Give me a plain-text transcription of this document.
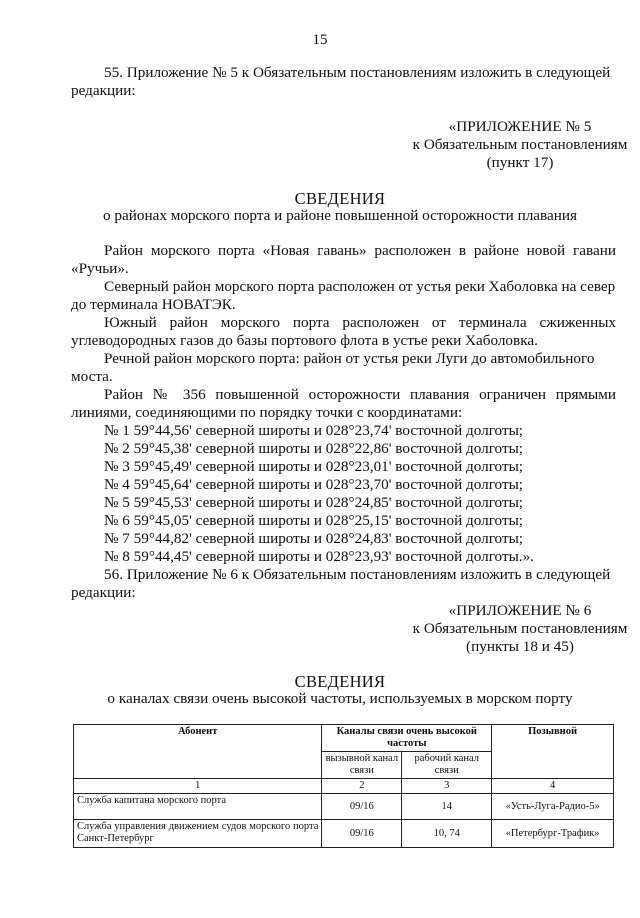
15
55. Приложение № 5 к Обязательным постановлениям изложить в следующей
редакции:
«ПРИЛОЖЕНИЕ № 5
к Обязательным постановлениям
(пункт 17)
СВЕДЕНИЯ
о районах морского порта и районе повышенной осторожности плавания
Район морского порта «Новая гавань» расположен в районе новой гавани
«Ручьи».
Северный район морского порта расположен от устья реки Хаболовка на север
до терминала НОВАТЭК.
Южный район морского порта расположен от терминала сжиженных
углеводородных газов до базы портового флота в устье реки Хаболовка.
Речной район морского порта: район от устья реки Луги до автомобильного
моста.
Район № 356 повышенной осторожности плавания ограничен прямыми
линиями, соединяющими по порядку точки с координатами:
№ 1 59°44,56' северной широты и 028°23,74' восточной долготы;
№ 2 59°45,38' северной широты и 028°22,86' восточной долготы;
№ 3 59°45,49' северной широты и 028°23,01' восточной долготы;
№ 4 59°45,64' северной широты и 028°23,70' восточной долготы;
№ 5 59°45,53' северной широты и 028°24,85' восточной долготы;
№ 6 59°45,05' северной широты и 028°25,15' восточной долготы;
№ 7 59°44,82' северной широты и 028°24,83' восточной долготы;
№ 8 59°44,45' северной широты и 028°23,93' восточной долготы.».
56. Приложение № 6 к Обязательным постановлениям изложить в следующей
редакции:
«ПРИЛОЖЕНИЕ № 6
к Обязательным постановлениям
(пункты 18 и 45)
СВЕДЕНИЯ
о каналах связи очень высокой частоты, используемых в морском порту
Абонент	Каналы связи очень высокой частоты		Позывной
	вызывной канал связи	рабочий канал связи	
1	2	3	4
Служба капитана морского порта	09/16	14	«Усть-Луга-Радио-5»
Служба управления движением судов морского порта Санкт-Петербург	09/16	10, 74	«Петербург-Трафик»
